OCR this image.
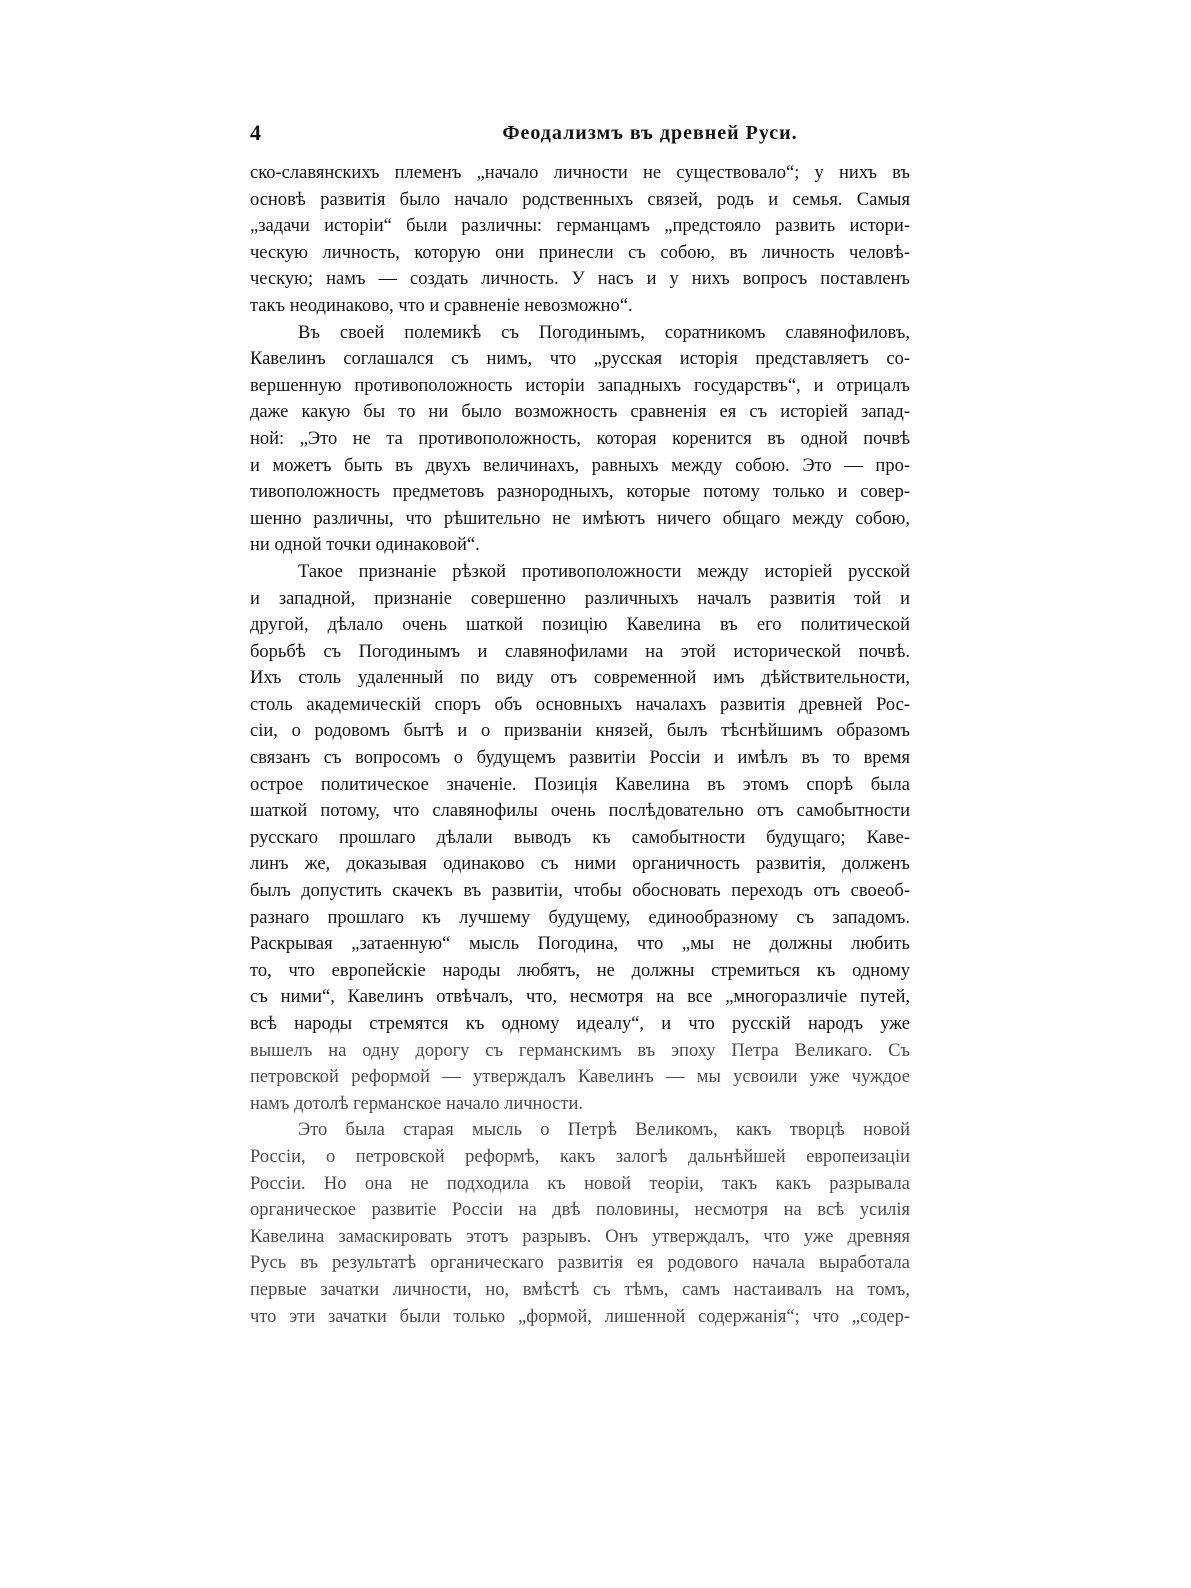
4	Феодализмъ въ древней Руси.
ско-славянскихъ племенъ „начало личности не существовало“; у нихъ въ
основѣ развитія было начало родственныхъ связей, родъ и семья. Самыя
„задачи исторіи“ были различны: германцамъ „предстояло развить истори-
ческую личность, которую они принесли съ собою, въ личность человѣ-
ческую; намъ — создать личность. У насъ и у нихъ вопросъ поставленъ
такъ неодинаково, что и сравненіе невозможно“.
Въ своей полемикѣ съ Погодинымъ, соратникомъ славянофиловъ,
Кавелинъ соглашался съ нимъ, что „русская исторія представляетъ со-
вершенную противоположность исторіи западныхъ государствъ“, и отрицалъ
даже какую бы то ни было возможность сравненія ея съ исторіей запад-
ной: „Это не та противоположность, которая коренится въ одной почвѣ
и можетъ быть въ двухъ величинахъ, равныхъ между собою. Это — про-
тивоположность предметовъ разнородныхъ, которые потому только и совер-
шенно различны, что рѣшительно не имѣютъ ничего общаго между собою,
ни одной точки одинаковой“.
Такое признаніе рѣзкой противоположности между исторіей русской
и западной, признаніе совершенно различныхъ началъ развитія той и
другой, дѣлало очень шаткой позицію Кавелина въ его политической
борьбѣ съ Погодинымъ и славянофилами на этой исторической почвѣ.
Ихъ столь удаленный по виду отъ современной имъ дѣйствительности,
столь академическій споръ объ основныхъ началахъ развитія древней Рос-
сіи, о родовомъ бытѣ и о призваніи князей, былъ тѣснѣйшимъ образомъ
связанъ съ вопросомъ о будущемъ развитіи Россіи и имѣлъ въ то время
острое политическое значеніе. Позиція Кавелина въ этомъ спорѣ была
шаткой потому, что славянофилы очень послѣдовательно отъ самобытности
русскаго прошлаго дѣлали выводъ къ самобытности будущаго; Кавe-
линъ же, доказывая одинаково съ ними органичность развитія, долженъ
былъ допустить скачекъ въ развитіи, чтобы обосновать переходъ отъ своеоб-
разнаго прошлаго къ лучшему будущему, единообразному съ западомъ.
Раскрывая „затаенную“ мысль Погодина, что „мы не должны любить
то, что европейскіе народы любятъ, не должны стремиться къ одному
съ ними“, Кавелинъ отвѣчалъ, что, несмотря на все „многоразличіе путей,
всѣ народы стремятся къ одному идеалу“, и что русскій народъ уже
вышелъ на одну дорогу съ германскимъ въ эпоху Петра Великаго. Съ
петровской реформой — утверждалъ Кавелинъ — мы усвоили уже чуждое
намъ дотолѣ германское начало личности.
Это была старая мысль о Петрѣ Великомъ, какъ творцѣ новой
Россіи, о петровской реформѣ, какъ залогѣ дальнѣйшей европеизаціи
Россіи. Но она не подходила къ новой теоріи, такъ какъ разрывала
органическое развитіе Россіи на двѣ половины, несмотря на всѣ усилія
Кавелина замаскировать этотъ разрывъ. Онъ утверждалъ, что уже древняя
Русь въ результатѣ органическаго развитія ея родового начала выработала
первые зачатки личности, но, вмѣстѣ съ тѣмъ, самъ настаивалъ на томъ,
что эти зачатки были только „формой, лишенной содержанія“; что „содер-
